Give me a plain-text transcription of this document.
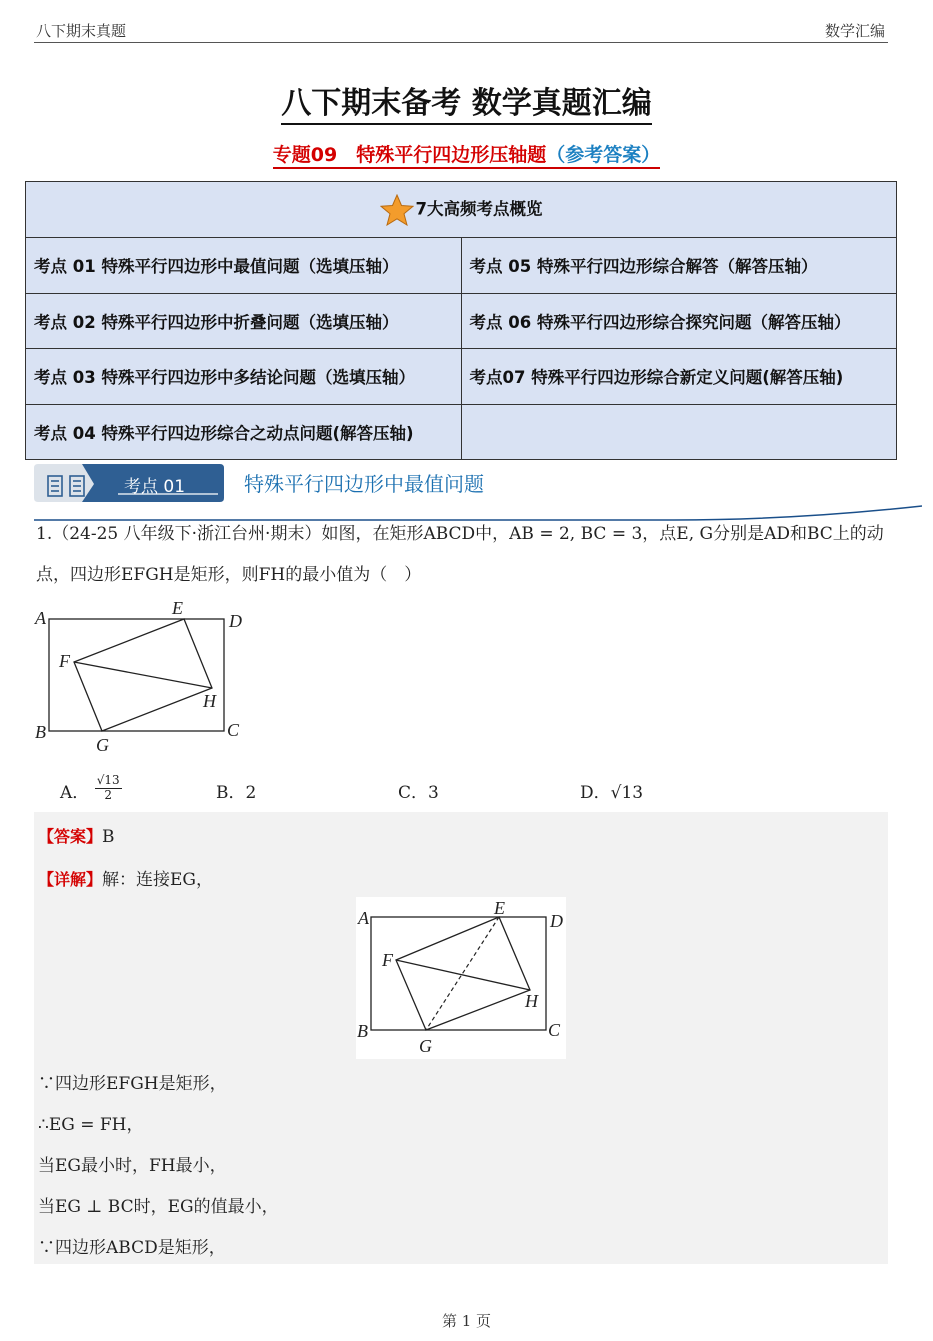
八下期末真题	数学汇编
八下期末备考 数学真题汇编
专题09　特殊平行四边形压轴题（参考答案）
7大高频考点概览	
考点 01 特殊平行四边形中最值问题（选填压轴）	考点 05 特殊平行四边形综合解答（解答压轴）
考点 02 特殊平行四边形中折叠问题（选填压轴）	考点 06 特殊平行四边形综合探究问题（解答压轴）
考点 03 特殊平行四边形中多结论问题（选填压轴）	考点07 特殊平行四边形综合新定义问题(解答压轴)
考点 04 特殊平行四边形综合之动点问题(解答压轴)	
考点 01	特殊平行四边形中最值问题
1.（24-25 八年级下·浙江台州·期末）如图，在矩形ABCD中，AB = 2, BC = 3，点E, G分别是AD和BC上的动
点，四边形EFGH是矩形，则FH的最小值为（　）
A	D
B	C
E
F
G
H
A． $\frac{√13}{2}$	B．2	C．3	D．√13
【答案】B
【详解】解：连接EG，
A	D
B	C
E
F
G
H
∵四边形EFGH是矩形，
∴EG = FH，
当EG最小时，FH最小，
当EG ⊥ BC时，EG的值最小，
∵四边形ABCD是矩形，
第 1 页
